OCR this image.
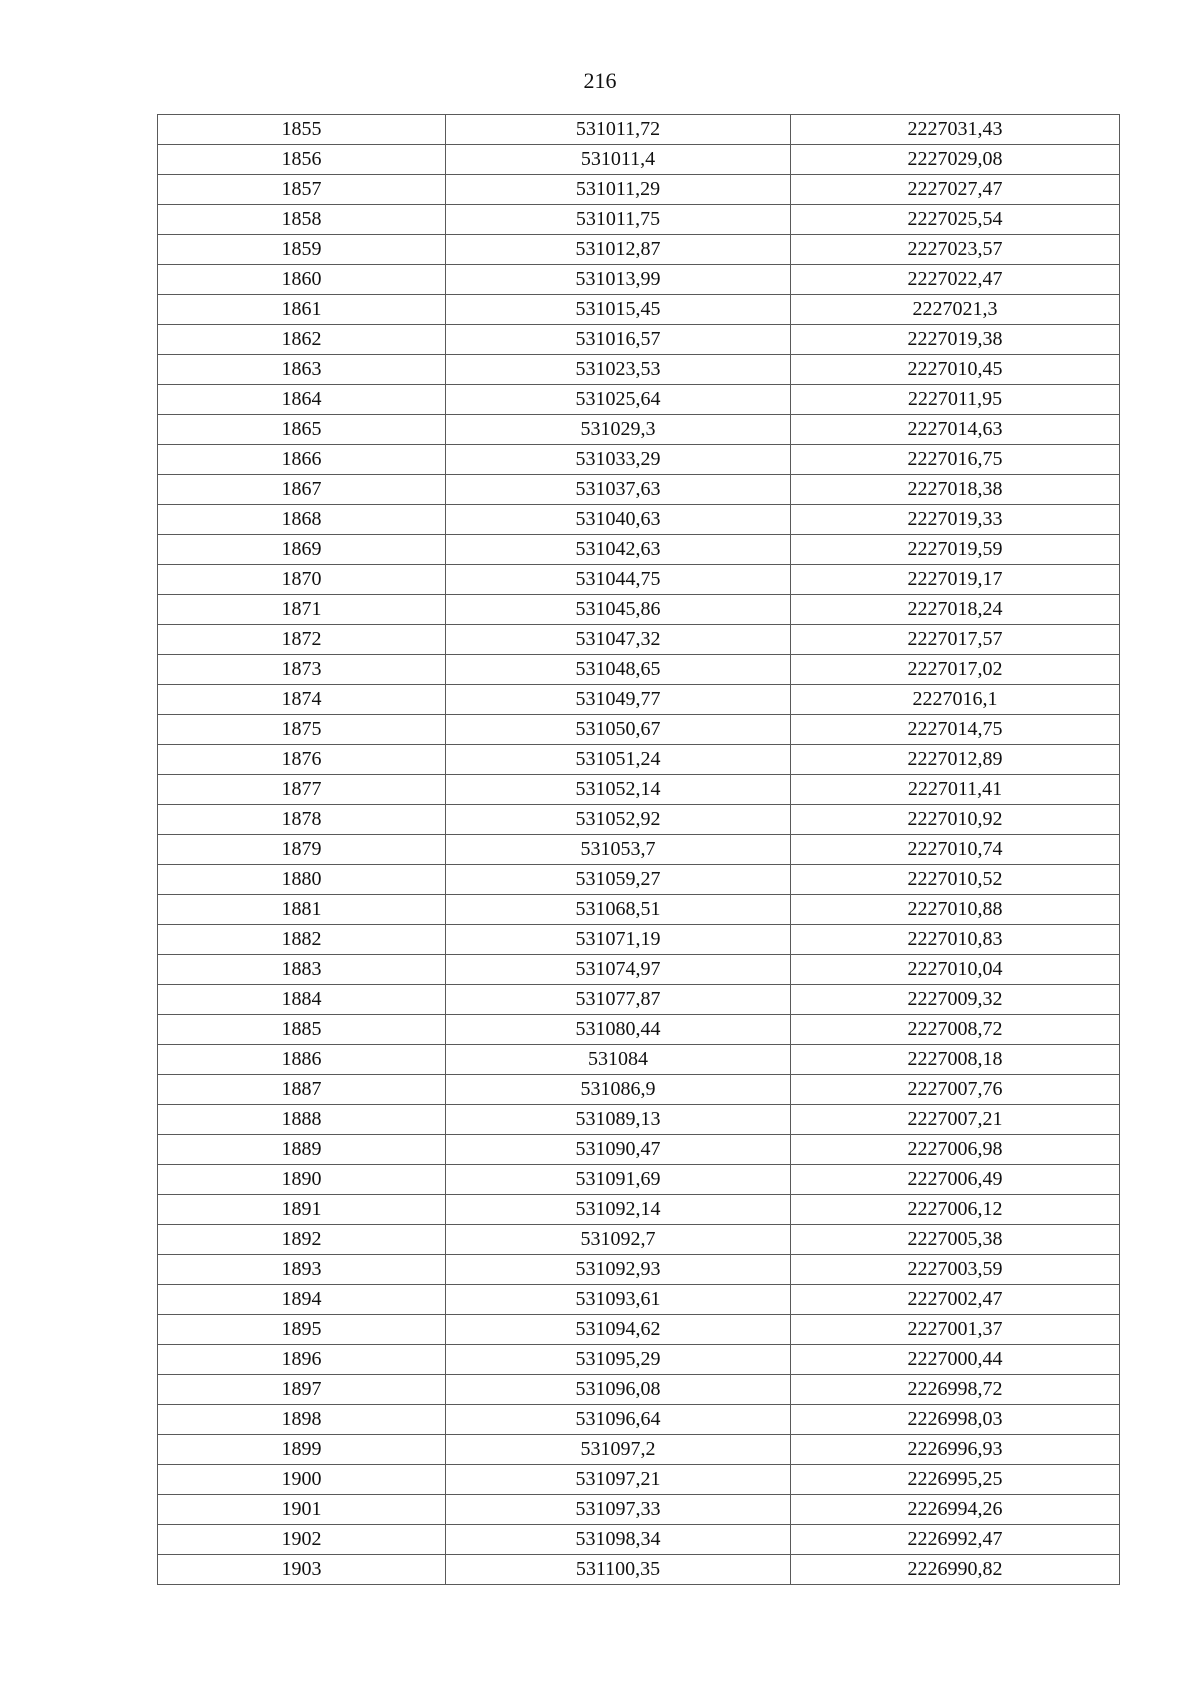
216
1855	531011,72	2227031,43
1856	531011,4	2227029,08
1857	531011,29	2227027,47
1858	531011,75	2227025,54
1859	531012,87	2227023,57
1860	531013,99	2227022,47
1861	531015,45	2227021,3
1862	531016,57	2227019,38
1863	531023,53	2227010,45
1864	531025,64	2227011,95
1865	531029,3	2227014,63
1866	531033,29	2227016,75
1867	531037,63	2227018,38
1868	531040,63	2227019,33
1869	531042,63	2227019,59
1870	531044,75	2227019,17
1871	531045,86	2227018,24
1872	531047,32	2227017,57
1873	531048,65	2227017,02
1874	531049,77	2227016,1
1875	531050,67	2227014,75
1876	531051,24	2227012,89
1877	531052,14	2227011,41
1878	531052,92	2227010,92
1879	531053,7	2227010,74
1880	531059,27	2227010,52
1881	531068,51	2227010,88
1882	531071,19	2227010,83
1883	531074,97	2227010,04
1884	531077,87	2227009,32
1885	531080,44	2227008,72
1886	531084	2227008,18
1887	531086,9	2227007,76
1888	531089,13	2227007,21
1889	531090,47	2227006,98
1890	531091,69	2227006,49
1891	531092,14	2227006,12
1892	531092,7	2227005,38
1893	531092,93	2227003,59
1894	531093,61	2227002,47
1895	531094,62	2227001,37
1896	531095,29	2227000,44
1897	531096,08	2226998,72
1898	531096,64	2226998,03
1899	531097,2	2226996,93
1900	531097,21	2226995,25
1901	531097,33	2226994,26
1902	531098,34	2226992,47
1903	531100,35	2226990,82
